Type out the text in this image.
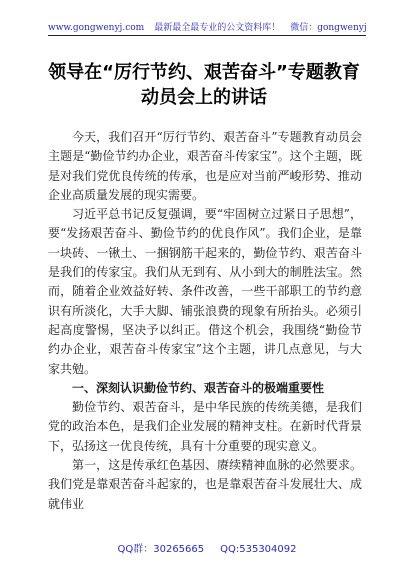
www.gongwenyj.com 最新最全最专业的公文资料库！ 微信：gongwenyj
领导在“厉行节约、艰苦奋斗”专题教育
动员会上的讲话

今天，我们召开“厉行节约、艰苦奋斗”专题教育动员会主题是“勤俭节约办企业，艰苦奋斗传家宝”。这个主题，既是对我们党优良传统的传承，也是应对当前严峻形势、推动企业高质量发展的现实需要。

习近平总书记反复强调，要“牢固树立过紧日子思想”，要“发扬艰苦奋斗、勤俭节约的优良作风”。我们企业，是靠一块砖、一锹土、一捆钢筋干起来的，勤俭节约、艰苦奋斗是我们的传家宝。我们从无到有、从小到大的制胜法宝。然而，随着企业效益好转、条件改善，一些干部职工的节约意识有所淡化，大手大脚、铺张浪费的现象有所抬头。必须引起高度警惕，坚决予以纠正。借这个机会，我围绕“勤俭节约办企业，艰苦奋斗传家宝”这个主题，讲几点意见，与大家共勉。

一、深刻认识勤俭节约、艰苦奋斗的极端重要性

勤俭节约、艰苦奋斗，是中华民族的传统美德，是我们党的政治本色，是我们企业发展的精神支柱。在新时代背景下，弘扬这一优良传统，具有十分重要的现实意义。

第一，这是传承红色基因、赓续精神血脉的必然要求。我们党是靠艰苦奋斗起家的，也是靠艰苦奋斗发展壮大、成就伟业

QQ群：30265665 QQ:535304092
